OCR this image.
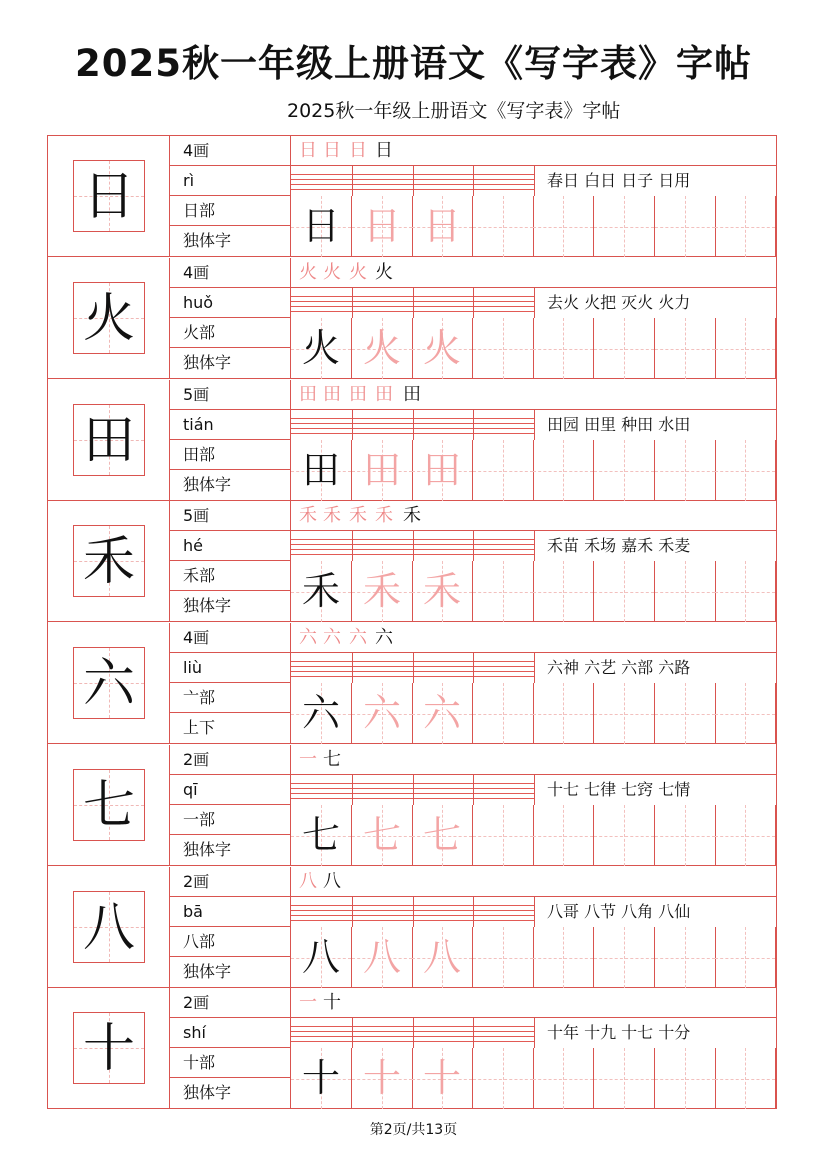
2025秋一年级上册语文《写字表》字帖
2025秋一年级上册语文《写字表》字帖
日
4画
rì
日部
独体字
日 日 日 日
春日 白日 日子 日用
日 日 日
火
4画
huǒ
火部
独体字
火 火 火 火
去火 火把 灭火 火力
火 火 火
田
5画
tián
田部
独体字
田 田 田 田 田
田园 田里 种田 水田
田 田 田
禾
5画
hé
禾部
独体字
禾 禾 禾 禾 禾
禾苗 禾场 嘉禾 禾麦
禾 禾 禾
六
4画
liù
亠部
上下
六 六 六 六
六神 六艺 六部 六路
六 六 六
七
2画
qī
一部
独体字
一 七
十七 七律 七窍 七情
七 七 七
八
2画
bā
八部
独体字
八 八
八哥 八节 八角 八仙
八 八 八
十
2画
shí
十部
独体字
一 十
十年 十九 十七 十分
十 十 十
第2页/共13页
